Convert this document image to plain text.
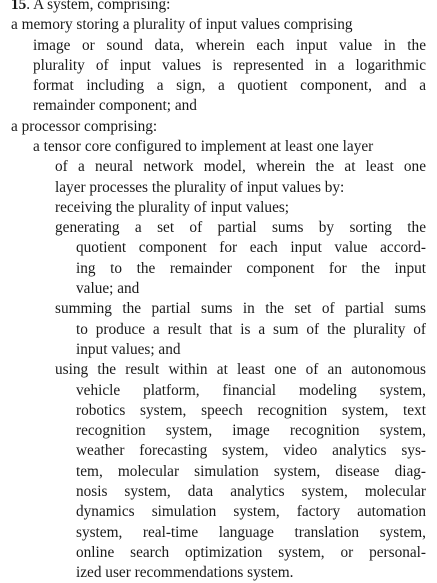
15. A system, comprising:
a memory storing a plurality of input values comprising
image or sound data, wherein each input value in the
plurality of input values is represented in a logarithmic
format including a sign, a quotient component, and a
remainder component; and
a processor comprising:
a tensor core configured to implement at least one layer
of a neural network model, wherein the at least one
layer processes the plurality of input values by:
receiving the plurality of input values;
generating a set of partial sums by sorting the
quotient component for each input value accord-
ing to the remainder component for the input
value; and
summing the partial sums in the set of partial sums
to produce a result that is a sum of the plurality of
input values; and
using the result within at least one of an autonomous
vehicle platform, financial modeling system,
robotics system, speech recognition system, text
recognition system, image recognition system,
weather forecasting system, video analytics sys-
tem, molecular simulation system, disease diag-
nosis system, data analytics system, molecular
dynamics simulation system, factory automation
system, real-time language translation system,
online search optimization system, or personal-
ized user recommendations system.
